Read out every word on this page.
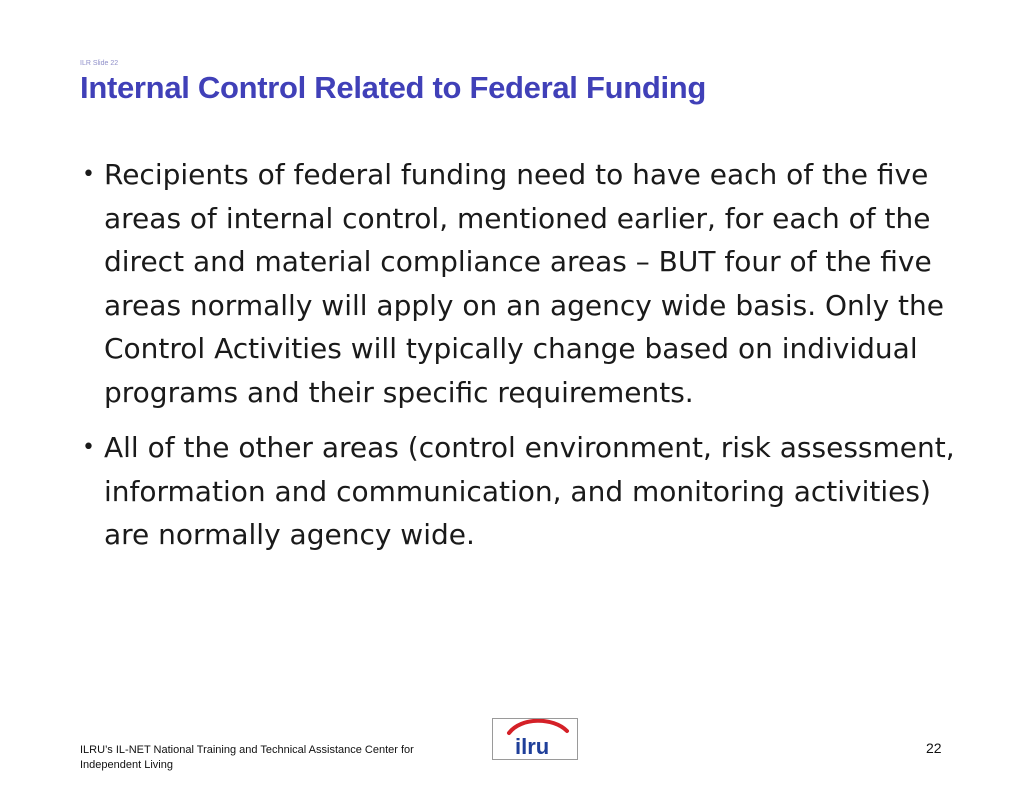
ILR Slide 22
Internal Control Related to Federal Funding
• Recipients of federal funding need to have each of the five areas of internal control, mentioned earlier, for each of the direct and material compliance areas – BUT four of the five areas normally will apply on an agency wide basis. Only the Control Activities will typically change based on individual programs and their specific requirements.
• All of the other areas (control environment, risk assessment, information and communication, and monitoring activities) are normally agency wide.
ILRU’s IL-NET National Training and Technical Assistance Center for Independent Living
ilru	22
